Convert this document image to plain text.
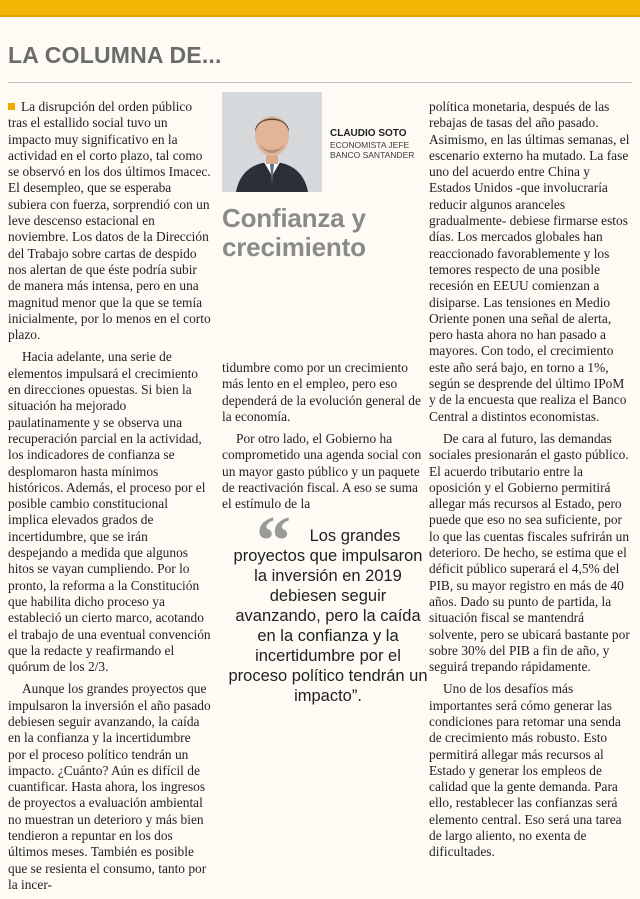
LA COLUMNA DE...

La disrupción del orden público tras el estallido social tuvo un impacto muy significativo en la actividad en el corto plazo, tal como se observó en los dos últimos Imacec. El desempleo, que se esperaba subiera con fuerza, sorprendió con un leve descenso estacional en noviembre. Los datos de la Dirección del Trabajo sobre cartas de despido nos alertan de que éste podría subir de manera más intensa, pero en una magnitud menor que la que se temía inicialmente, por lo menos en el corto plazo.

Hacia adelante, una serie de elementos impulsará el crecimiento en direcciones opuestas. Si bien la situación ha mejorado paulatinamente y se observa una recuperación parcial en la actividad, los indicadores de confianza se desplomaron hasta mínimos históricos. Además, el proceso por el posible cambio constitucional implica elevados grados de incertidumbre, que se irán despejando a medida que algunos hitos se vayan cumpliendo. Por lo pronto, la reforma a la Constitución que habilita dicho proceso ya estableció un cierto marco, acotando el trabajo de una eventual convención que la redacte y reafirmando el quórum de los 2/3.

Aunque los grandes proyectos que impulsaron la inversión el año pasado debiesen seguir avanzando, la caída en la confianza y la incertidumbre por el proceso político tendrán un impacto. ¿Cuánto? Aún es difícil de cuantificar. Hasta ahora, los ingresos de proyectos a evaluación ambiental no muestran un deterioro y más bien tendieron a repuntar en los dos últimos meses. También es posible que se resienta el consumo, tanto por la incer-

CLAUDIO SOTO
ECONOMISTA JEFE
BANCO SANTANDER
Confianza y
crecimiento

tidumbre como por un crecimiento más lento en el empleo, pero eso dependerá de la evolución general de la economía.

Por otro lado, el Gobierno ha comprometido una agenda social con un mayor gasto público y un paquete de reactivación fiscal. A eso se suma el estímulo de la

“	Los grandes proyectos que impulsaron la inversión en 2019 debiesen seguir avanzando, pero la caída en la confianza y la incertidumbre por el proceso político tendrán un impacto”.

política monetaria, después de las rebajas de tasas del año pasado. Asimismo, en las últimas semanas, el escenario externo ha mutado. La fase uno del acuerdo entre China y Estados Unidos -que involucraría reducir algunos aranceles gradualmente- debiese firmarse estos días. Los mercados globales han reaccionado favorablemente y los temores respecto de una posible recesión en EEUU comienzan a disiparse. Las tensiones en Medio Oriente ponen una señal de alerta, pero hasta ahora no han pasado a mayores. Con todo, el crecimiento este año será bajo, en torno a 1%, según se desprende del último IPoM y de la encuesta que realiza el Banco Central a distintos economistas.

De cara al futuro, las demandas sociales presionarán el gasto público. El acuerdo tributario entre la oposición y el Gobierno permitirá allegar más recursos al Estado, pero puede que eso no sea suficiente, por lo que las cuentas fiscales sufrirán un deterioro. De hecho, se estima que el déficit público superará el 4,5% del PIB, su mayor registro en más de 40 años. Dado su punto de partida, la situación fiscal se mantendrá solvente, pero se ubicará bastante por sobre 30% del PIB a fin de año, y seguirá trepando rápidamente.

Uno de los desafíos más importantes será cómo generar las condiciones para retomar una senda de crecimiento más robusto. Esto permitirá allegar más recursos al Estado y generar los empleos de calidad que la gente demanda. Para ello, restablecer las confianzas será elemento central. Eso será una tarea de largo aliento, no exenta de dificultades.
